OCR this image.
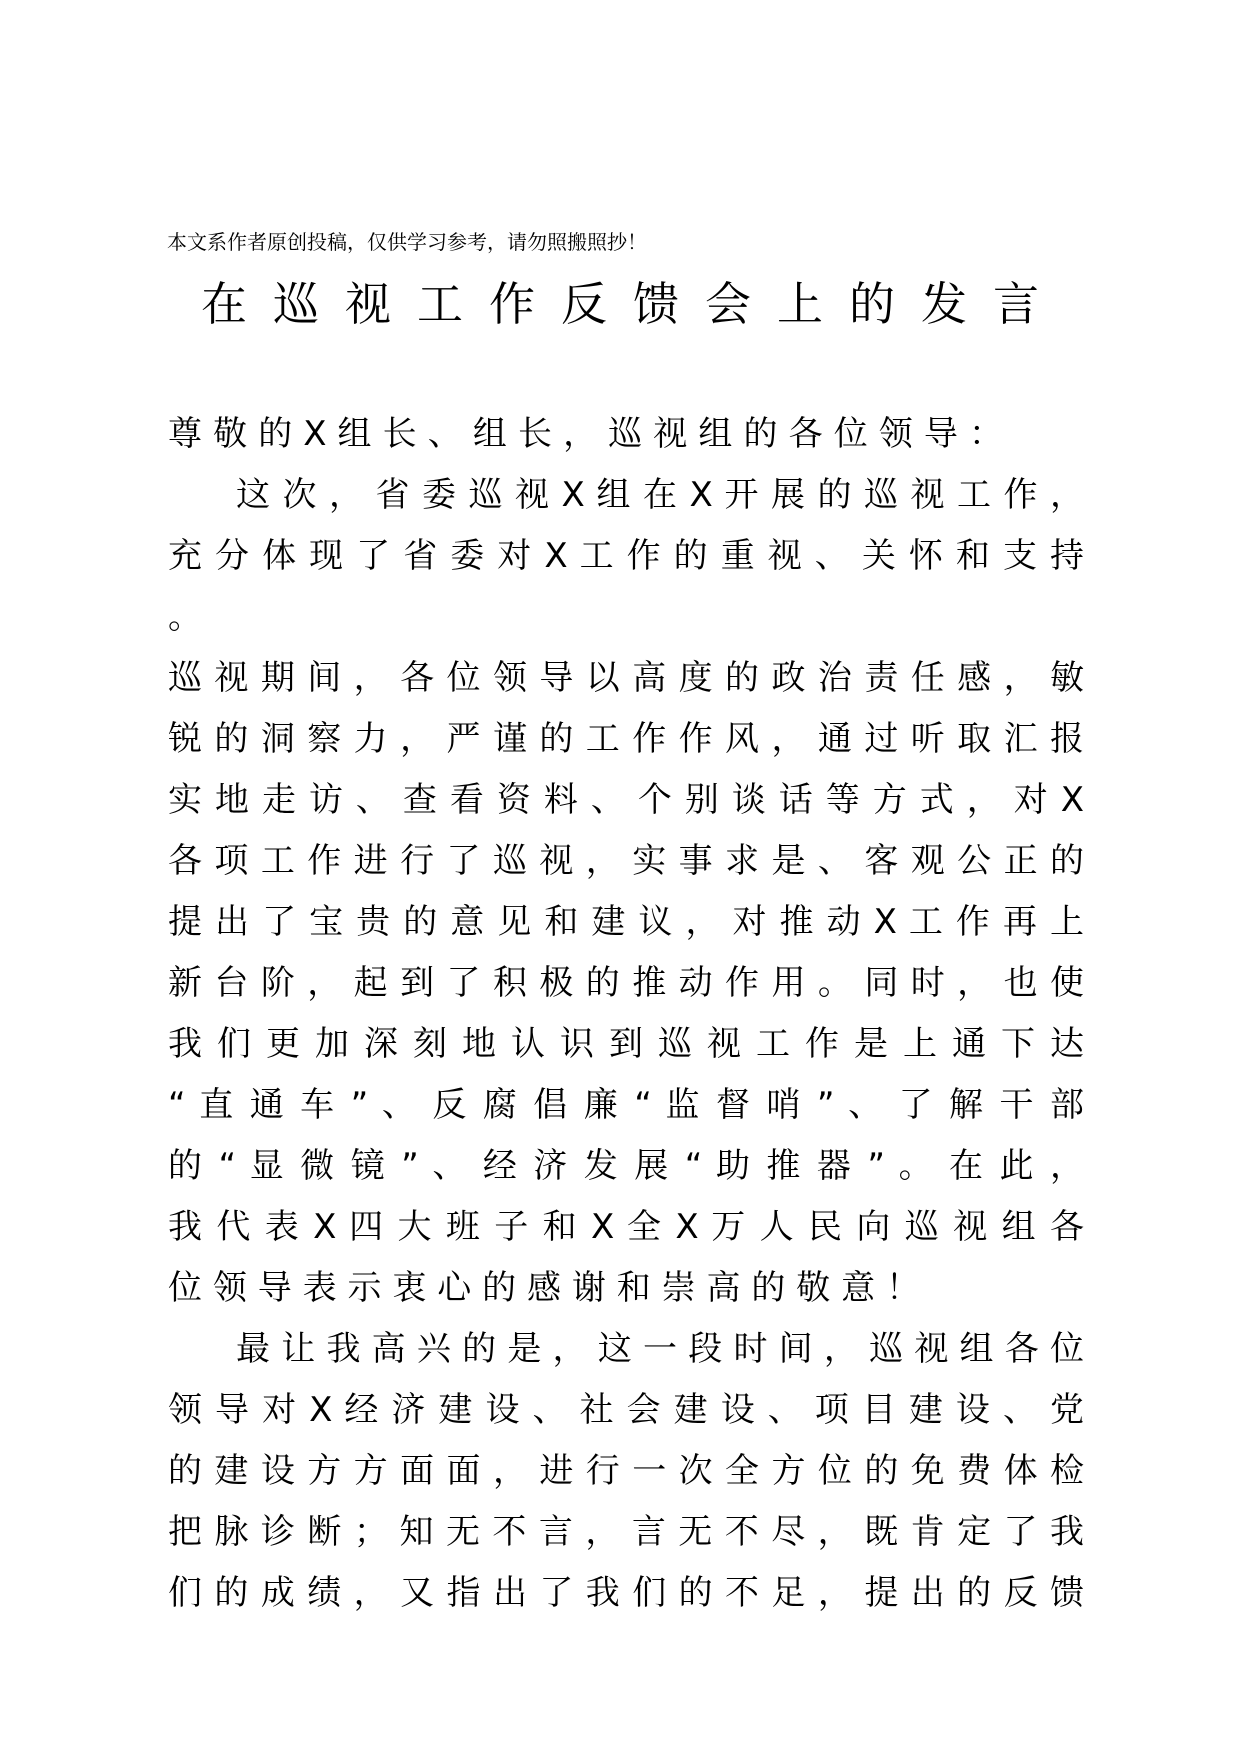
本文系作者原创投稿，仅供学习参考，请勿照搬照抄！
在巡视工作反馈会上的发言
尊 敬 的 X 组 长 、 组 长 ， 巡 视 组 的 各 位 领 导 ：
这 次 ， 省 委 巡 视 X 组 在 X 开 展 的 巡 视 工 作 ，
充 分 体 现 了 省 委 对 X 工 作 的 重 视 、 关 怀 和 支 持 。
巡 视 期 间 ， 各 位 领 导 以 高 度 的 政 治 责 任 感 ， 敏
锐 的 洞 察 力 ， 严 谨 的 工 作 作 风 ， 通 过 听 取 汇 报
实 地 走 访 、 查 看 资 料 、 个 别 谈 话 等 方 式 ， 对 X
各 项 工 作 进 行 了 巡 视 ， 实 事 求 是 、 客 观 公 正 的
提 出 了 宝 贵 的 意 见 和 建 议 ， 对 推 动 X 工 作 再 上
新 台 阶 ， 起 到 了 积 极 的 推 动 作 用 。 同 时 ， 也 使
我 们 更 加 深 刻 地 认 识 到 巡 视 工 作 是 上 通 下 达
“ 直 通 车 ” 、 反 腐 倡 廉 “ 监 督 哨 ” 、 了 解 干 部
的 “ 显 微 镜 ” 、 经 济 发 展 “ 助 推 器 ” 。 在 此 ，
我 代 表 X 四 大 班 子 和 X 全 X 万 人 民 向 巡 视 组 各
位 领 导 表 示 衷 心 的 感 谢 和 崇 高 的 敬 意 ！
最 让 我 高 兴 的 是 ， 这 一 段 时 间 ， 巡 视 组 各 位
领 导 对 X 经 济 建 设 、 社 会 建 设 、 项 目 建 设 、 党
的 建 设 方 方 面 面 ， 进 行 一 次 全 方 位 的 免 费 体 检
把 脉 诊 断 ； 知 无 不 言 ， 言 无 不 尽 ， 既 肯 定 了 我
们 的 成 绩 ， 又 指 出 了 我 们 的 不 足 ， 提 出 的 反 馈
